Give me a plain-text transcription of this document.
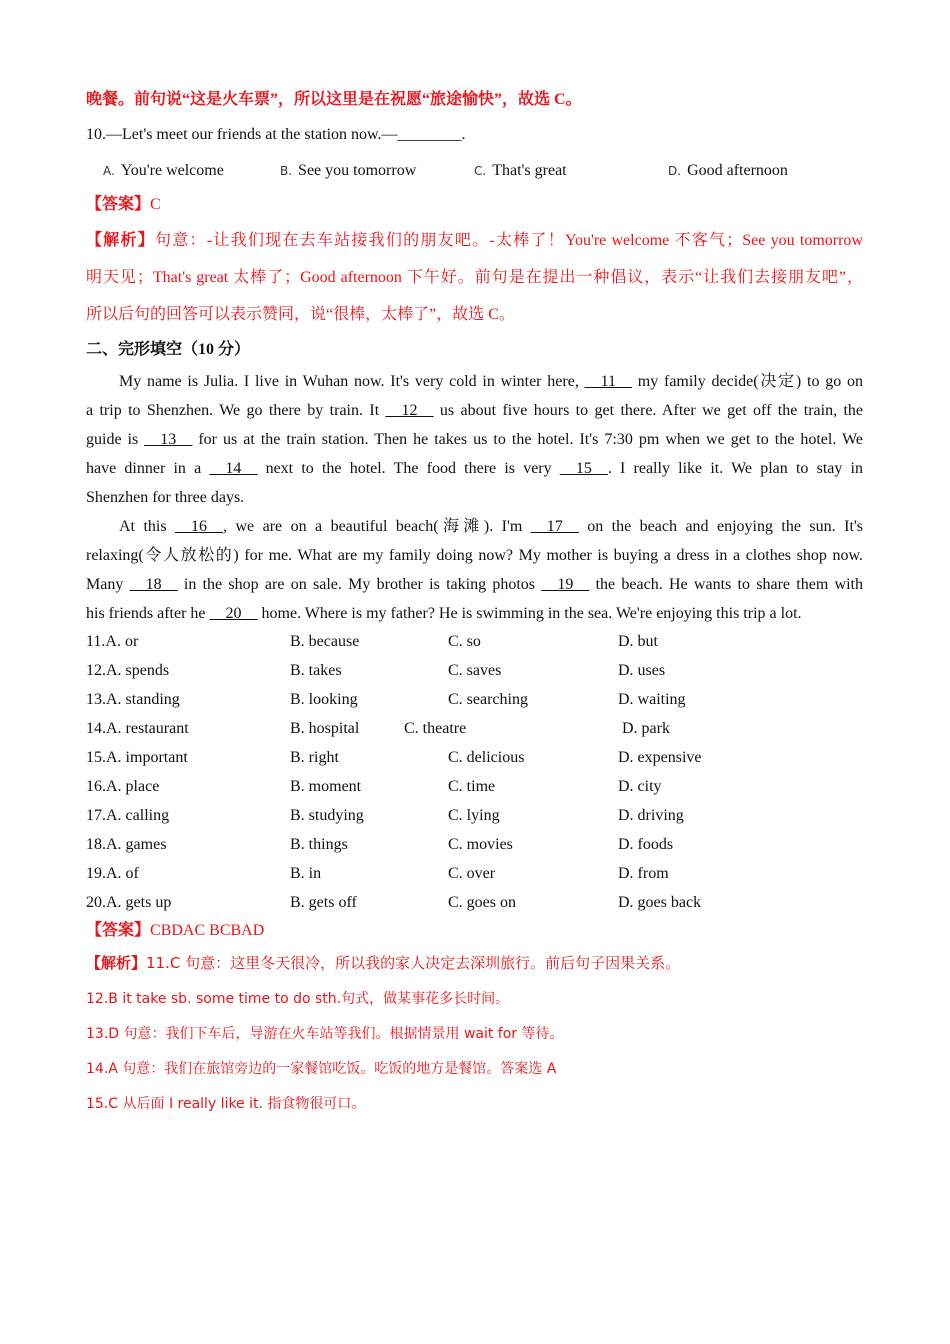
晚餐。前句说“这是火车票”，所以这里是在祝愿“旅途愉快”，故选 C。
10.—Let's meet our friends at the station now.—________.
A. You're welcome	B. See you tomorrow	C. That's great	D. Good afternoon
【答案】C
【解析】句意：-让我们现在去车站接我们的朋友吧。-太棒了！You're welcome 不客气；See you tomorrow
明天见；That's great 太棒了；Good afternoon 下午好。前句是在提出一种倡议，表示“让我们去接朋友吧”，
所以后句的回答可以表示赞同，说“很棒，太棒了”，故选 C。
二、完形填空（10 分）
My name is Julia. I live in Wuhan now. It's very cold in winter here, __11__ my family decide(决定) to go on
a trip to Shenzhen. We go there by train. It __12__ us about five hours to get there. After we get off the train, the
guide is __13__ for us at the train station. Then he takes us to the hotel. It's 7:30 pm when we get to the hotel. We
have dinner in a __14__ next to the hotel. The food there is very __15__. I really like it. We plan to stay in
Shenzhen for three days.
At this __16__, we are on a beautiful beach(海滩). I'm __17__ on the beach and enjoying the sun. It's
relaxing(令人放松的) for me. What are my family doing now? My mother is buying a dress in a clothes shop now.
Many __18__ in the shop are on sale. My brother is taking photos __19__ the beach. He wants to share them with
his friends after he __20__ home. Where is my father? He is swimming in the sea. We're enjoying this trip a lot.
11.A. or	B. because	C. so	D. but
12.A. spends	B. takes	C. saves	D. uses
13.A. standing	B. looking	C. searching	D. waiting
14.A. restaurant	B. hospital	C. theatre	D. park
15.A. important	B. right	C. delicious	D. expensive
16.A. place	B. moment	C. time	D. city
17.A. calling	B. studying	C. lying	D. driving
18.A. games	B. things	C. movies	D. foods
19.A. of	B. in	C. over	D. from
20.A. gets up	B. gets off	C. goes on	D. goes back
【答案】CBDAC BCBAD
【解析】11.C 句意：这里冬天很冷，所以我的家人决定去深圳旅行。前后句子因果关系。
12.B it take sb. some time to do sth.句式，做某事花多长时间。
13.D 句意：我们下车后，导游在火车站等我们。根据情景用 wait for 等待。
14.A 句意：我们在旅馆旁边的一家餐馆吃饭。吃饭的地方是餐馆。答案选 A
15.C 从后面 I really like it. 指食物很可口。
